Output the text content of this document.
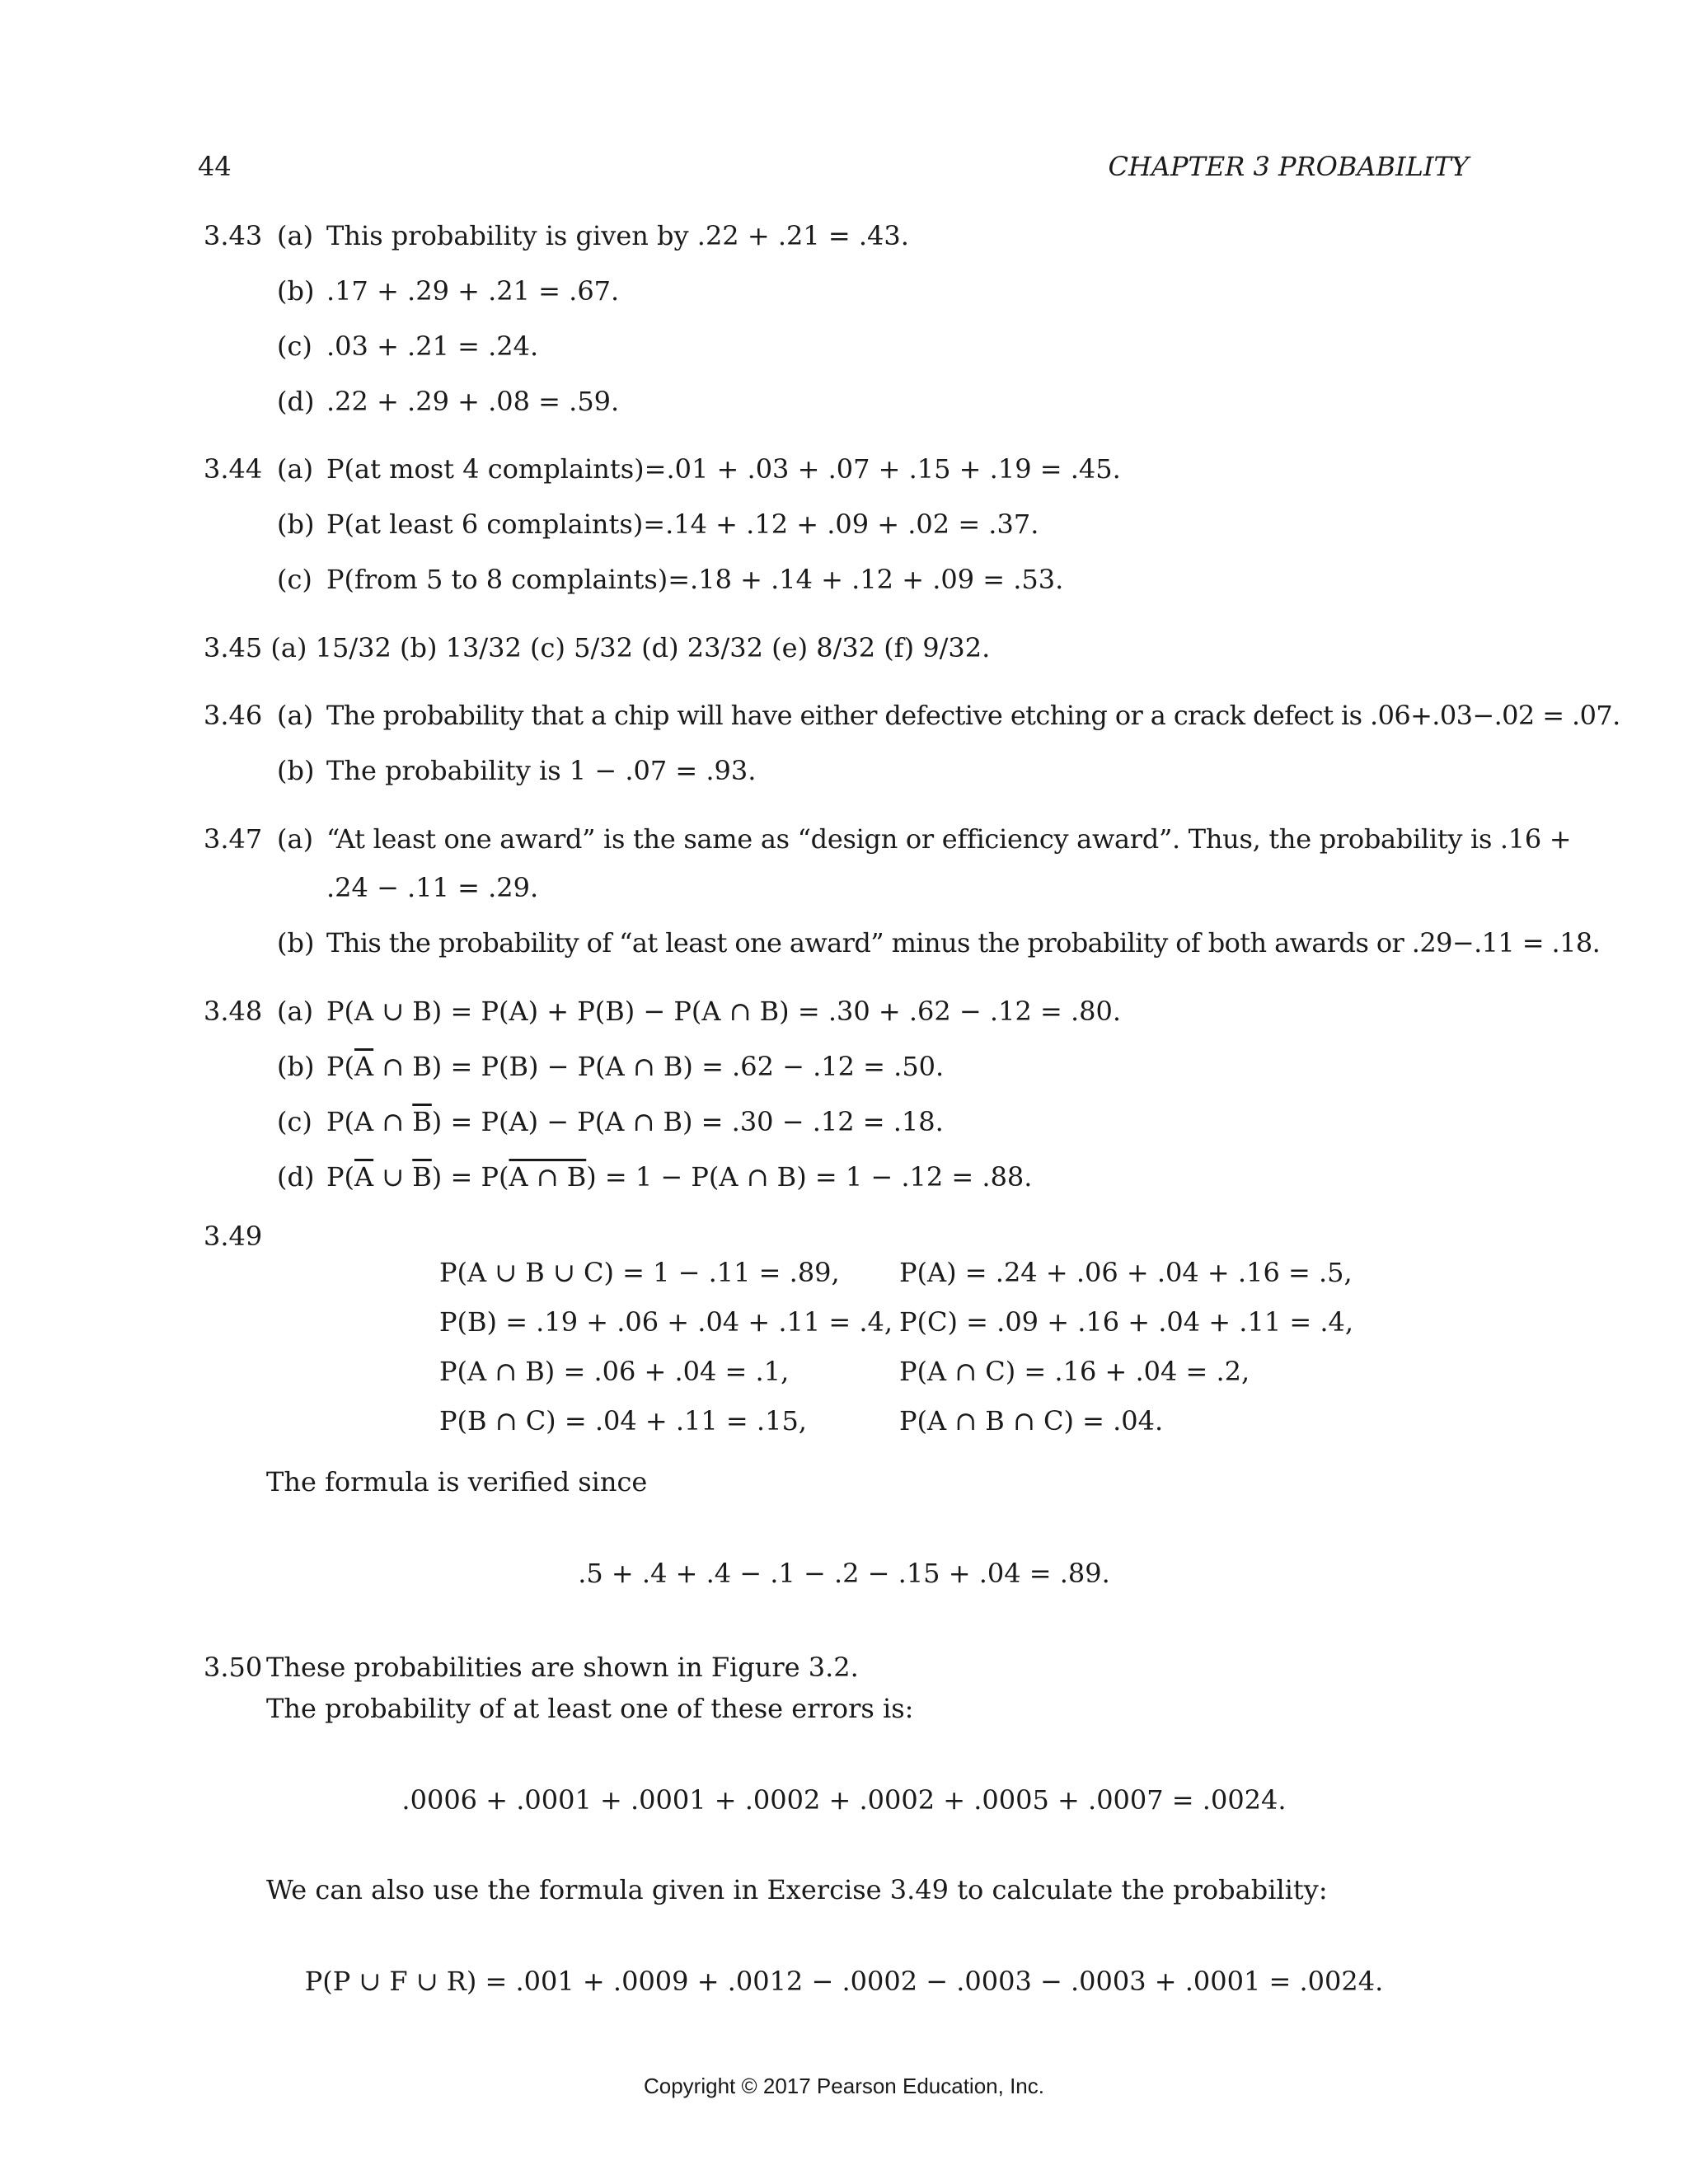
44	CHAPTER 3 PROBABILITY
3.43 (a) This probability is given by .22 + .21 = .43.
(b) .17 + .29 + .21 = .67.
(c) .03 + .21 = .24.
(d) .22 + .29 + .08 = .59.
3.44 (a) P(at most 4 complaints)=.01 + .03 + .07 + .15 + .19 = .45.
(b) P(at least 6 complaints)=.14 + .12 + .09 + .02 = .37.
(c) P(from 5 to 8 complaints)=.18 + .14 + .12 + .09 = .53.
3.45 (a) 15/32 (b) 13/32 (c) 5/32 (d) 23/32 (e) 8/32 (f) 9/32.
3.46 (a) The probability that a chip will have either defective etching or a crack defect is .06+.03−.02 = .07.
(b) The probability is 1 − .07 = .93.
3.47 (a) “At least one award” is the same as “design or efficiency award”. Thus, the probability is .16 +
.24 − .11 = .29.
(b) This the probability of “at least one award” minus the probability of both awards or .29−.11 = .18.
3.48 (a) P(A ∪ B) = P(A) + P(B) − P(A ∩ B) = .30 + .62 − .12 = .80.
(b) $P(\overline{A}$ ∩ B) = P(B) − P(A ∩ B) = .62 − .12 = .50.
(c) P(A ∩ $\overline{B}) = P(A) - P(A$ ∩ B) = .30 − .12 = .18.
(d) $P(\overline{A}$ ∪ $\overline{B}) = P(A$ ∩ B) = 1 − P(A ∩ B) = 1 − .12 = .88.
3.49
P(A ∪ B ∪ C) = 1 − .11 = .89, P(A) = .24 + .06 + .04 + .16 = .5,
P(B) = .19 + .06 + .04 + .11 = .4, P(C) = .09 + .16 + .04 + .11 = .4,
P(A ∩ B) = .06 + .04 = .1,	P(A ∩ C) = .16 + .04 = .2,
P(B ∩ C) = .04 + .11 = .15,	P(A ∩ B ∩ C) = .04.
The formula is verified since
.5 + .4 + .4 − .1 − .2 − .15 + .04 = .89.
3.50 These probabilities are shown in Figure 3.2.
The probability of at least one of these errors is:
.0006 + .0001 + .0001 + .0002 + .0002 + .0005 + .0007 = .0024.
We can also use the formula given in Exercise 3.49 to calculate the probability:
P(P ∪ F ∪ R) = .001 + .0009 + .0012 − .0002 − .0003 − .0003 + .0001 = .0024.
Copyright © 2017 Pearson Education, Inc.
